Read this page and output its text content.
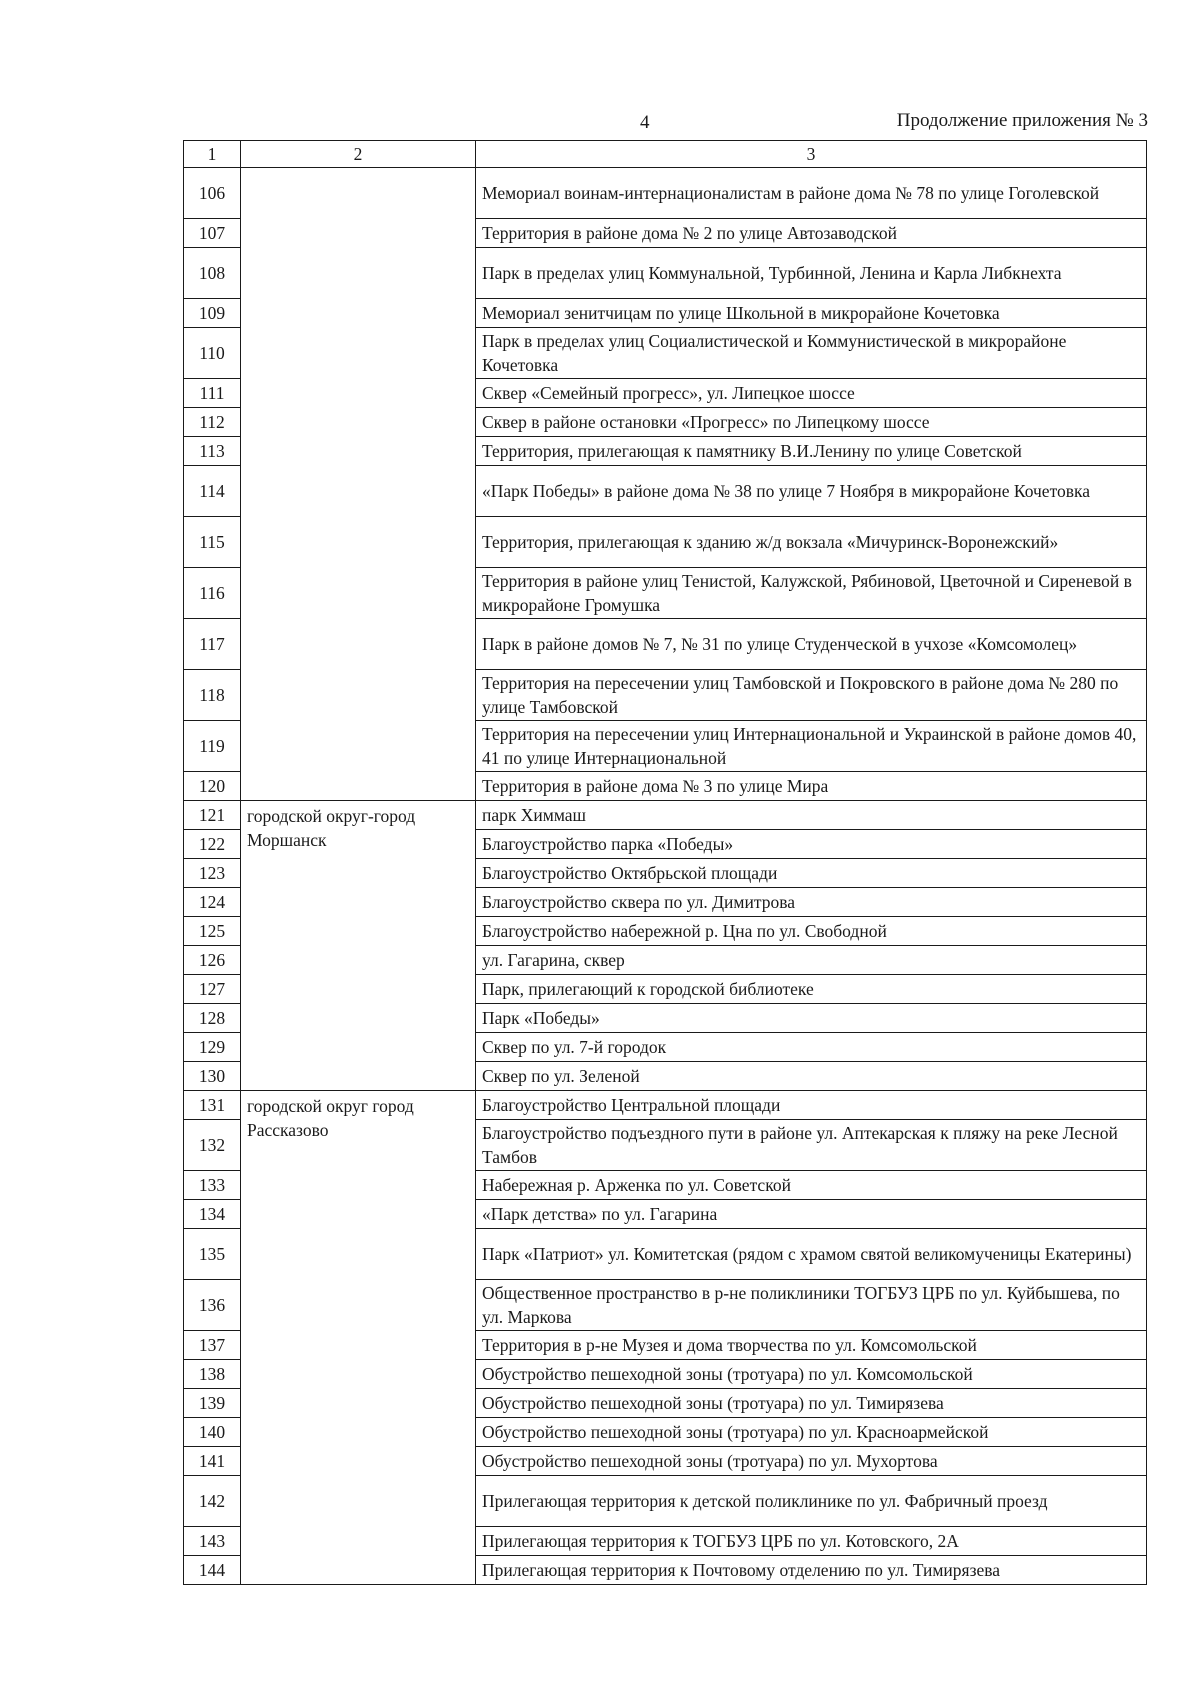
4	Продолжение приложения № 3
1	2	3
106		Мемориал воинам-интернационалистам в районе дома № 78 по улице Гоголевской
107		Территория в районе дома № 2 по улице Автозаводской
108		Парк в пределах улиц Коммунальной, Турбинной, Ленина и Карла Либкнехта
109		Мемориал зенитчицам по улице Школьной в микрорайоне Кочетовка
110		Парк в пределах улиц Социалистической и Коммунистической в микрорайоне Кочетовка
111		Сквер «Семейный прогресс», ул. Липецкое шоссе
112		Сквер в районе остановки «Прогресс» по Липецкому шоссе
113		Территория, прилегающая к памятнику В.И.Ленину по улице Советской
114		«Парк Победы» в районе дома № 38 по улице 7 Ноября в микрорайоне Кочетовка
115		Территория, прилегающая к зданию ж/д вокзала «Мичуринск-Воронежский»
116		Территория в районе улиц Тенистой, Калужской, Рябиновой, Цветочной и Сиреневой в микрорайоне Громушка
117		Парк в районе домов № 7, № 31 по улице Студенческой в учхозе «Комсомолец»
118		Территория на пересечении улиц Тамбовской и Покровского в районе дома № 280 по улице Тамбовской
119		Территория на пересечении улиц Интернациональной и Украинской в районе домов 40, 41 по улице Интернациональной
120		Территория в районе дома № 3 по улице Мира
121	городской округ-город Моршанск	парк Химмаш
122		Благоустройство парка «Победы»
123		Благоустройство Октябрьской площади
124		Благоустройство сквера по ул. Димитрова
125		Благоустройство набережной р. Цна по ул. Свободной
126		ул. Гагарина, сквер
127		Парк, прилегающий к городской библиотеке
128		Парк «Победы»
129		Сквер по ул. 7-й городок
130		Сквер по ул. Зеленой
131	городской округ город Рассказово	Благоустройство Центральной площади
132		Благоустройство подъездного пути в районе ул. Аптекарская к пляжу на реке Лесной Тамбов
133		Набережная р. Арженка по ул. Советской
134		«Парк детства» по ул. Гагарина
135		Парк «Патриот» ул. Комитетская (рядом с храмом святой великомученицы Екатерины)
136		Общественное пространство в р-не поликлиники ТОГБУЗ ЦРБ по ул. Куйбышева, по ул. Маркова
137		Территория в р-не Музея и дома творчества по ул. Комсомольской
138		Обустройство пешеходной зоны (тротуара) по ул. Комсомольской
139		Обустройство пешеходной зоны (тротуара) по ул. Тимирязева
140		Обустройство пешеходной зоны (тротуара) по ул. Красноармейской
141		Обустройство пешеходной зоны (тротуара) по ул. Мухортова
142		Прилегающая территория к детской поликлинике по ул. Фабричный проезд
143		Прилегающая территория к ТОГБУЗ ЦРБ по ул. Котовского, 2А
144		Прилегающая территория к Почтовому отделению по ул. Тимирязева
